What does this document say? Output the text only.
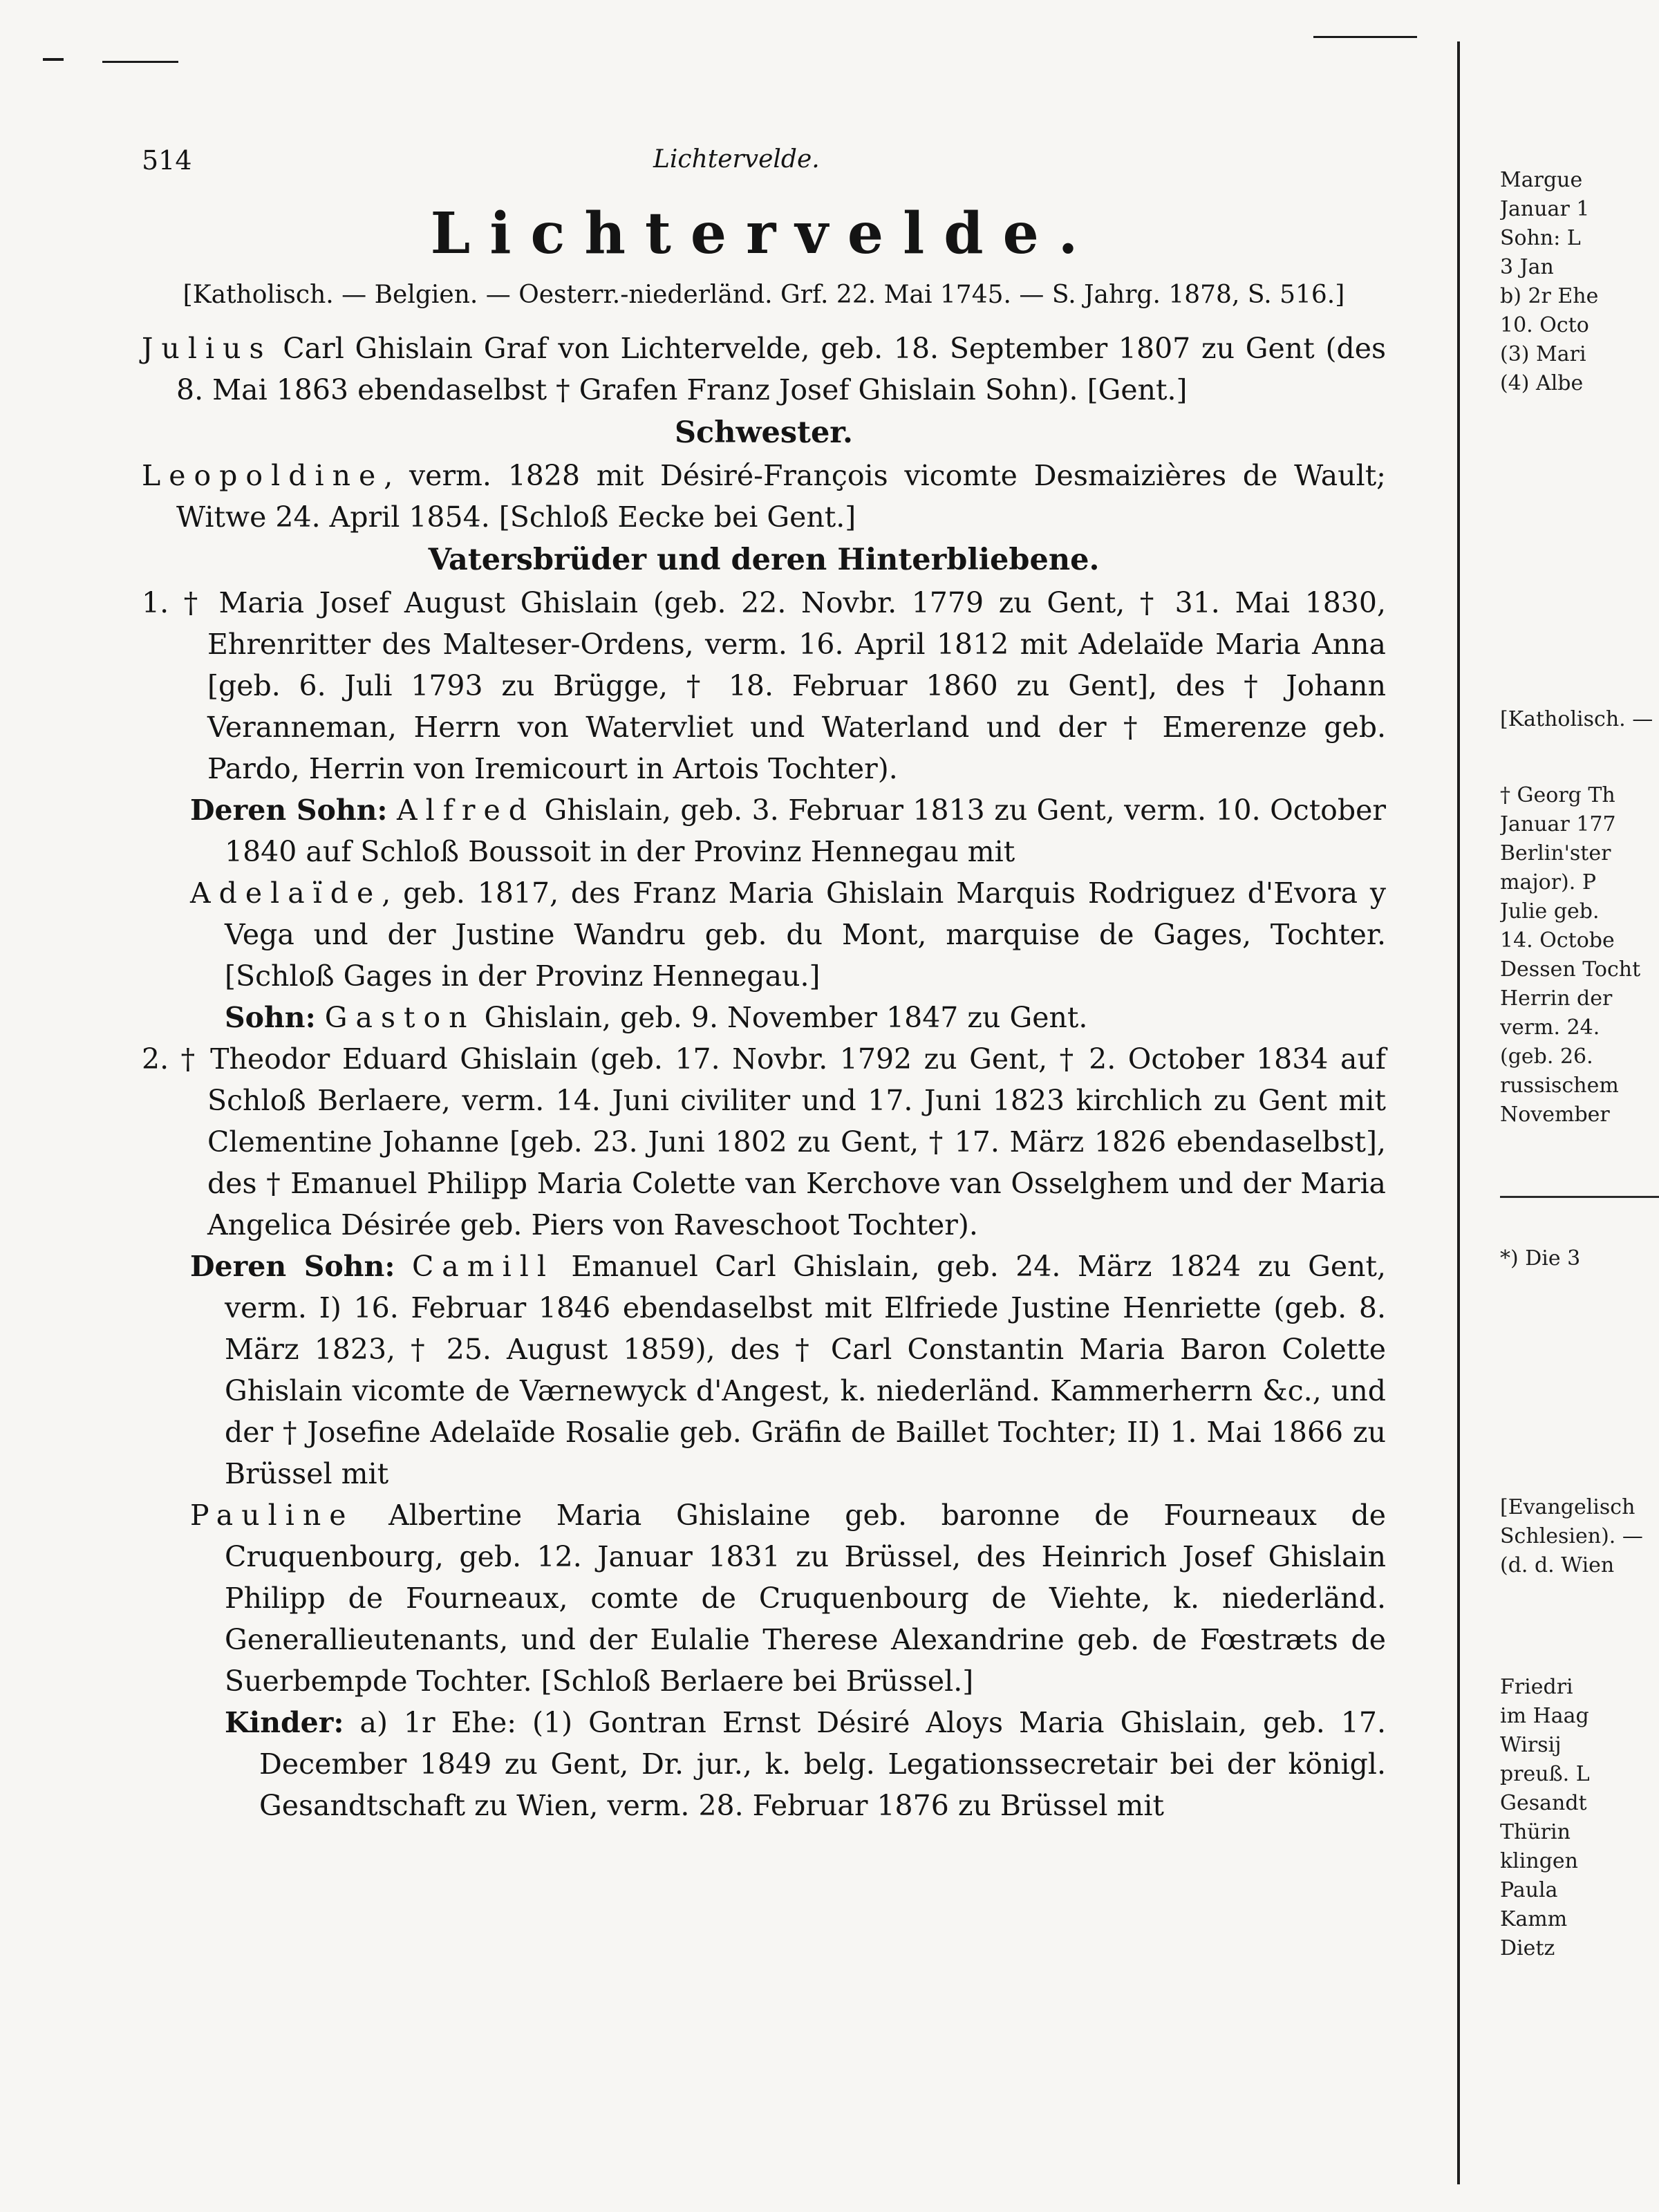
514	Lichtervelde.
Lichtervelde.
[Katholisch. — Belgien. — Oesterr.-niederländ. Grf. 22. Mai 1745. — S. Jahrg. 1878, S. 516.]

Julius Carl Ghislain Graf von Lichtervelde, geb. 18. September 1807 zu Gent (des 8. Mai 1863 ebendaselbst † Grafen Franz Josef Ghislain Sohn). [Gent.]

Schwester.

Leopoldine, verm. 1828 mit Désiré-François vicomte Desmaizières de Wault; Witwe 24. April 1854. [Schloß Eecke bei Gent.]

Vatersbrüder und deren Hinterbliebene.

1. † Maria Josef August Ghislain (geb. 22. Novbr. 1779 zu Gent, † 31. Mai 1830, Ehrenritter des Malteser-Ordens, verm. 16. April 1812 mit Adelaïde Maria Anna [geb. 6. Juli 1793 zu Brügge, † 18. Februar 1860 zu Gent], des † Johann Veranneman, Herrn von Watervliet und Waterland und der † Emerenze geb. Pardo, Herrin von Iremicourt in Artois Tochter).

Deren Sohn: Alfred Ghislain, geb. 3. Februar 1813 zu Gent, verm. 10. October 1840 auf Schloß Boussoit in der Provinz Hennegau mit

Adelaïde, geb. 1817, des Franz Maria Ghislain Marquis Rodriguez d'Evora y Vega und der Justine Wandru geb. du Mont, marquise de Gages, Tochter. [Schloß Gages in der Provinz Hennegau.]

Sohn: Gaston Ghislain, geb. 9. November 1847 zu Gent.

2. † Theodor Eduard Ghislain (geb. 17. Novbr. 1792 zu Gent, † 2. October 1834 auf Schloß Berlaere, verm. 14. Juni civiliter und 17. Juni 1823 kirchlich zu Gent mit Clementine Johanne [geb. 23. Juni 1802 zu Gent, † 17. März 1826 ebendaselbst], des † Emanuel Philipp Maria Colette van Kerchove van Osselghem und der Maria Angelica Désirée geb. Piers von Raveschoot Tochter).

Deren Sohn: Camill Emanuel Carl Ghislain, geb. 24. März 1824 zu Gent, verm. I) 16. Februar 1846 ebendaselbst mit Elfriede Justine Henriette (geb. 8. März 1823, † 25. August 1859), des † Carl Constantin Maria Baron Colette Ghislain vicomte de Værnewyck d'Angest, k. niederländ. Kammerherrn &c., und der † Josefine Adelaïde Rosalie geb. Gräfin de Baillet Tochter; II) 1. Mai 1866 zu Brüssel mit

Pauline Albertine Maria Ghislaine geb. baronne de Fourneaux de Cruquenbourg, geb. 12. Januar 1831 zu Brüssel, des Heinrich Josef Ghislain Philipp de Fourneaux, comte de Cruquenbourg de Viehte, k. niederländ. Generallieutenants, und der Eulalie Therese Alexandrine geb. de Fœstræts de Suerbempde Tochter. [Schloß Berlaere bei Brüssel.]

Kinder: a) 1r Ehe: (1) Gontran Ernst Désiré Aloys Maria Ghislain, geb. 17. December 1849 zu Gent, Dr. jur., k. belg. Legationssecretair bei der königl. Gesandtschaft zu Wien, verm. 28. Februar 1876 zu Brüssel mit

Margue
Januar 1
Sohn: L
3 Jan
b) 2r Ehe
10. Octo
(3) Mari
(4) Albe
[Katholisch. —
† Georg Th
Januar 177
Berlin'ster
major). P
Julie geb.
14. Octobe
Dessen Tocht
Herrin der
verm. 24.
(geb. 26.
russischem
November
*) Die 3
[Evangelisch
Schlesien). —
(d. d. Wien
Friedri
im Haag
Wirsij
preuß. L
Gesandt
Thürin
klingen
Paula
Kamm
Dietz
